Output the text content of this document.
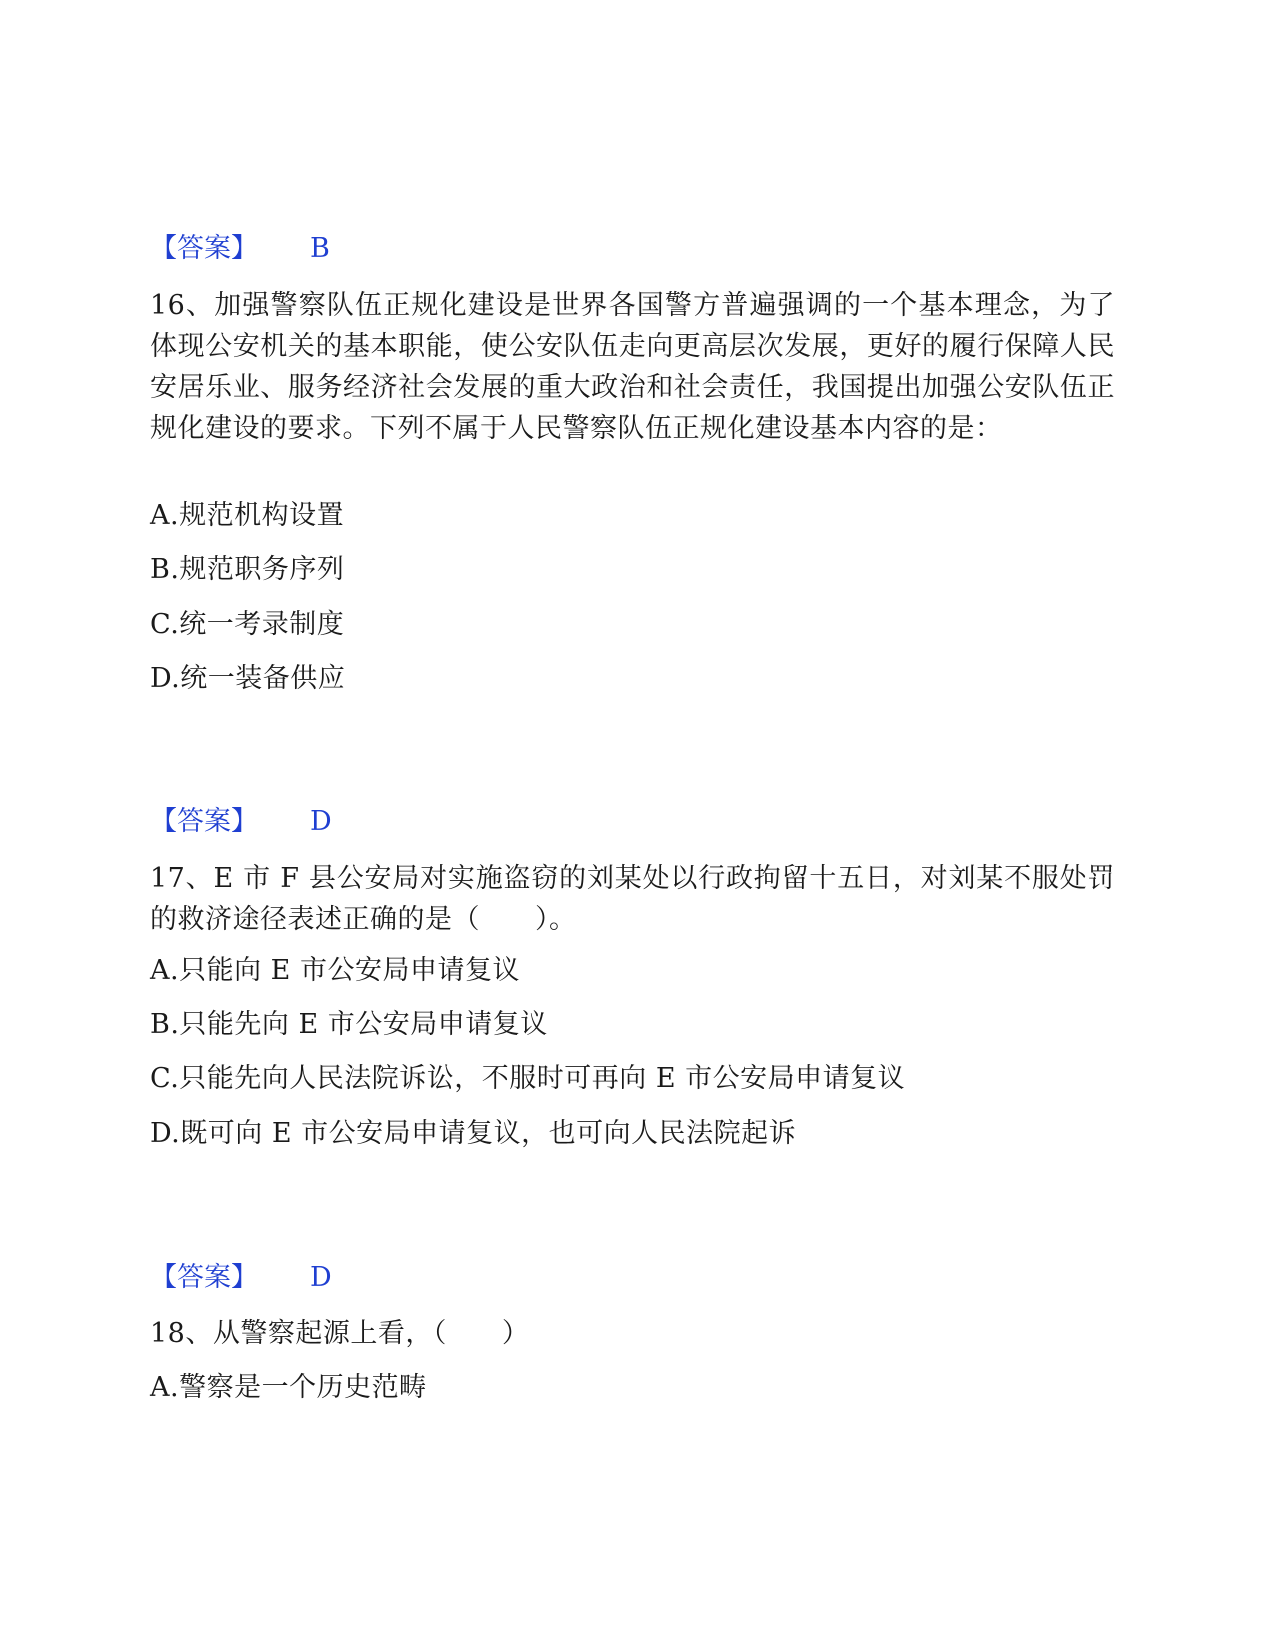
【答案】 B
16、加强警察队伍正规化建设是世界各国警方普遍强调的一个基本理念，为了体现公安机关的基本职能，使公安队伍走向更高层次发展，更好的履行保障人民安居乐业、服务经济社会发展的重大政治和社会责任，我国提出加强公安队伍正规化建设的要求。下列不属于人民警察队伍正规化建设基本内容的是：
A.规范机构设置
B.规范职务序列
C.统一考录制度
D.统一装备供应
【答案】 D
17、E 市 F 县公安局对实施盗窃的刘某处以行政拘留十五日，对刘某不服处罚的救济途径表述正确的是（　　）。
A.只能向 E 市公安局申请复议
B.只能先向 E 市公安局申请复议
C.只能先向人民法院诉讼，不服时可再向 E 市公安局申请复议
D.既可向 E 市公安局申请复议，也可向人民法院起诉
【答案】 D
18、从警察起源上看，（　　）
A.警察是一个历史范畴
